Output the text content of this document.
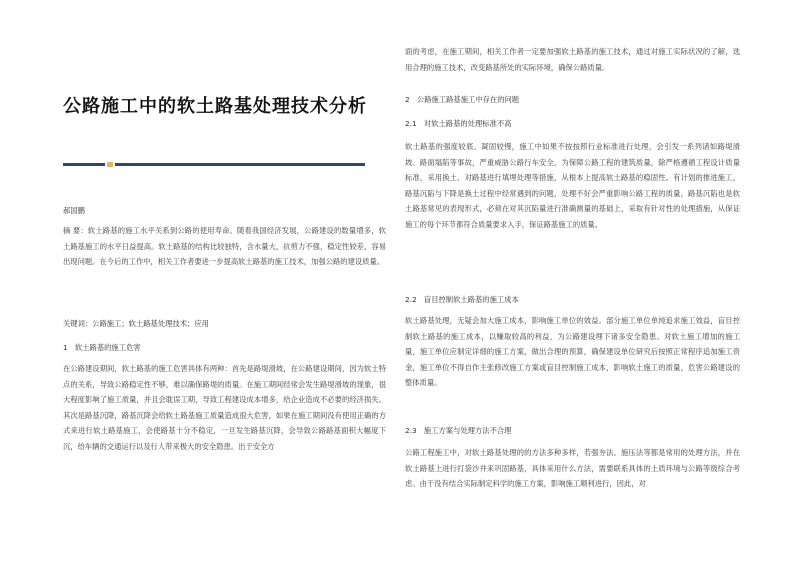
公路施工中的软土路基处理技术分析
郝国鹏

摘 要：软土路基的施工水平关系到公路的使用寿命。随着我国经济发展，公路建设的数量增多，软土路基施工的水平日益提高。软土路基的结构比较独特，含水量大，抗剪力不强，稳定性较差，容易出现问题。在今后的工作中，相关工作者要进一步提高软土路基的施工技术，加强公路的建设质量。

关键词：公路施工；软土路基处理技术；应用
1　软土路基的施工危害

在公路建设期间，软土路基的施工危害具体有两种：首先是路堤滑坡，在公路建设期间，因为软土特点的关系，导致公路稳定性不够，难以确保路堤的质量。在施工期间经常会发生路堤滑坡的现象，很大程度影响了施工质量，并且会耽误工期，导致工程建设成本增多，给企业造成不必要的经济损失。其次是路基沉降，路基沉降会给软土路基施工质量造成很大危害，如果在施工期间没有使用正确的方式来进行软土路基施工，会使路基十分不稳定，一旦发生路基沉降，会导致公路路基面积大幅度下沉，给车辆的交通运行以及行人带来极大的安全隐患。出于安全方

面的考虑，在施工期间，相关工作者一定要加强软土路基的施工技术，通过对施工实际状况的了解，选用合理的施工技术，改变路基所处的实际环境，确保公路质量。

2　公路施工路基施工中存在的问题
2.1　对软土路基的处理标准不高

软土路基的强度较底、凝固较慢，施工中如果不按按照行业标准进行处理，会引发一系列诸如路堤滑坡、路面塌陷等事故，严重威胁公路行车安全，为保障公路工程的建筑质量，除严格遵循工程设计质量标准，采用换土、对路基进行填埋处理等措施，从根本上提高软土路基的稳固性。有计划的推进施工，路基沉陷与下降是换土过程中经常遇到的问题，处理不好会严重影响公路工程的质量，路基沉陷也是软土路基常见的表现形式，必须在对其沉陷量进行准确测量的基础上，采取有针对性的处理措施，从保证施工的每个环节都符合质量要求入手，保证路基施工的质量。

2.2　盲目控制软土路基的施工成本

软土路基处理，无疑会加大施工成本，影响施工单位的效益。部分施工单位单纯追求施工效益，盲目控制软土路基的施工成本，以赚取较高的利益，为公路建设埋下诸多安全隐患。对软土施工增加的施工量，施工单位应制定详细的施工方案，做出合理的预算，确保建设单位研究后按照正常程序追加施工资金，施工单位不得自作主张修改施工方案或盲目控制施工成本，影响软土施工的质量，危害公路建设的整体质量。

2.3　施工方案与处理方法不合理

公路工程施工中，对软土路基处理的的方法多种多样，若强夯法、施压法等都是常用的处理方法，并在软土路基上进行打袋沙井来巩固路基，具体采用什么方法，需要联系具体的土质环境与公路等级综合考虑。由于没有结合实际制定科学的施工方案，影响施工顺利进行，因此，对
